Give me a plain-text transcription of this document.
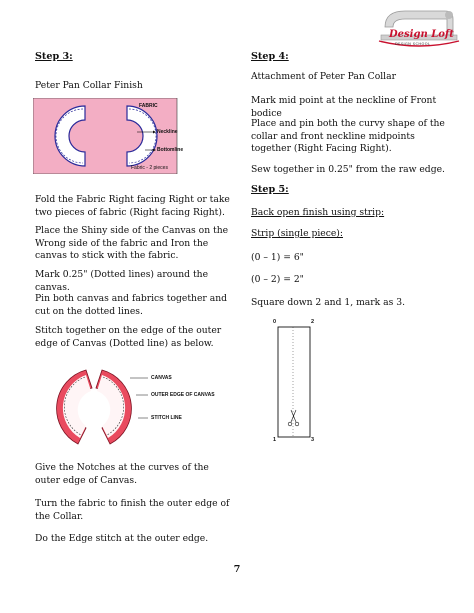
Design Loft
DESIGN SCHOOL

Step 3:

Peter Pan Collar Finish

FABRIC
Neckline
Bottomline
Fabric - 2 pieces

Fold the Fabric Right facing Right or take two pieces of fabric (Right facing Right).

Place the Shiny side of the Canvas on the Wrong side of the fabric and Iron the canvas to stick with the fabric.

Mark 0.25" (Dotted lines) around the canvas.

Pin both canvas and fabrics together and cut on the dotted lines.

Stitch together on the edge of the outer edge of Canvas (Dotted line) as below.

CANVAS
OUTER EDGE OF CANVAS
STITCH LINE

Give the Notches at the curves of the outer edge of Canvas.

Turn the fabric to finish the outer edge of the Collar.

Do the Edge stitch at the outer edge.

Step 4:

Attachment of Peter Pan Collar

Mark mid point at the neckline of Front bodice

Place and pin both the curvy shape of the collar and front neckline midpoints together (Right Facing Right).

Sew together in 0.25" from the raw edge.

Step 5:

Back open finish using strip:

Strip (single piece):

(0 – 1) = 6"

(0 – 2) = 2"

Square down 2 and 1, mark as 3.

0	2
1	3
7
